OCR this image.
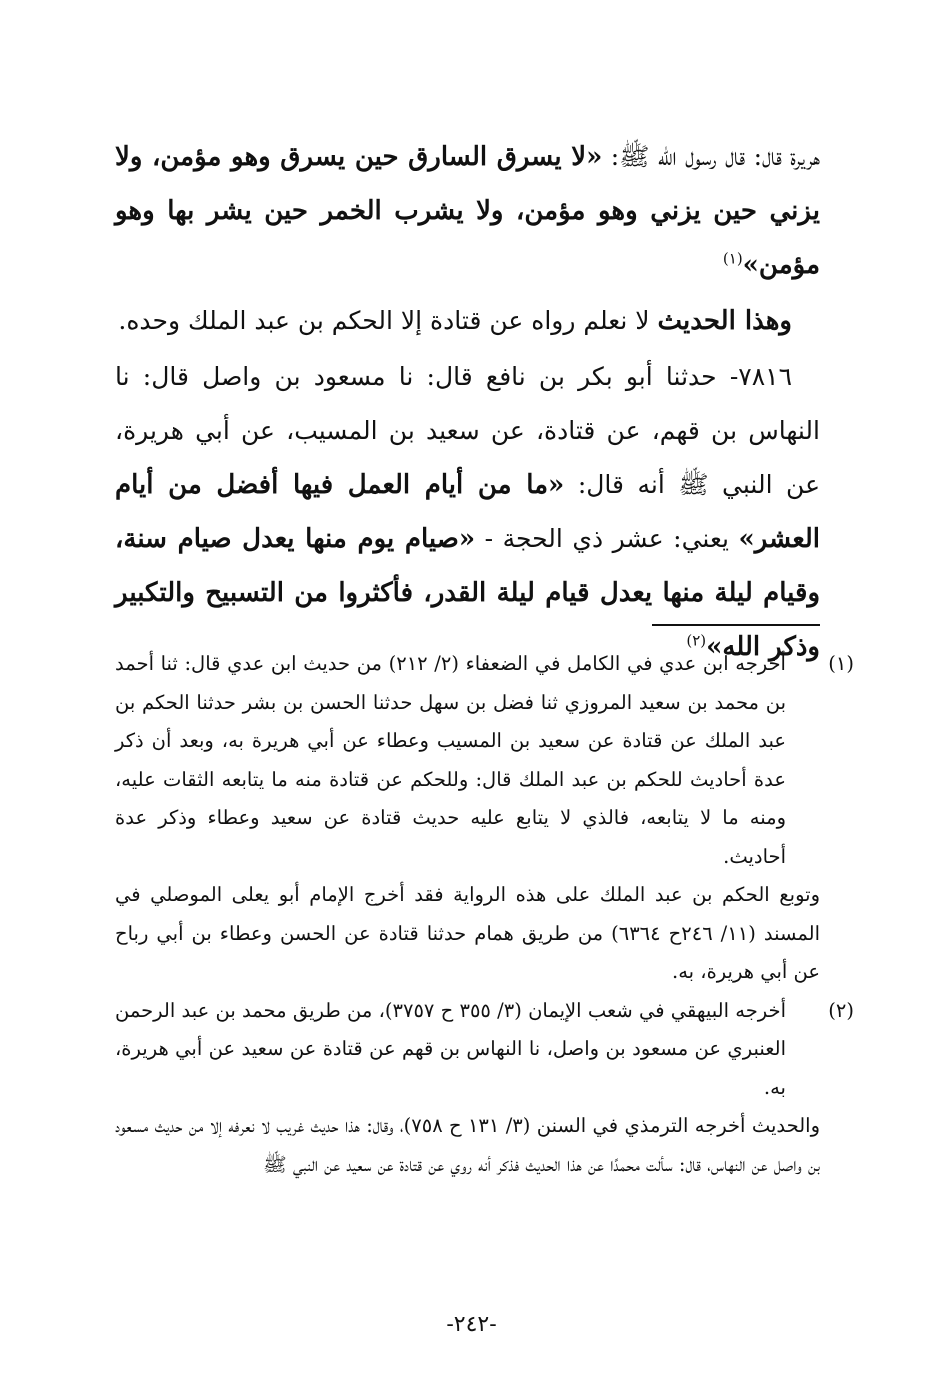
هريرة قال: قال رسول الله ﷺ: «لا يسرق السارق حين يسرق وهو مؤمن، ولا يزني حين يزني وهو مؤمن، ولا يشرب الخمر حين يشر بها وهو مؤمن»$^{(١)}$

وهذا الحديث لا نعلم رواه عن قتادة إلا الحكم بن عبد الملك وحده.

٧٨١٦- حدثنا أبو بكر بن نافع قال: نا مسعود بن واصل قال: نا النهاس بن قهم، عن قتادة، عن سعيد بن المسيب، عن أبي هريرة، عن النبي ﷺ أنه قال: «ما من أيام العمل فيها أفضل من أيام العشر» يعني: عشر ذي الحجة - «صيام يوم منها يعدل صيام سنة، وقيام ليلة منها يعدل قيام ليلة القدر، فأكثروا من التسبيح والتكبير وذكر الله»$^{(٢)}$

(١)أخرجه ابن عدي في الكامل في الضعفاء (٢/ ٢١٢) من حديث ابن عدي قال: ثنا أحمد بن محمد بن سعيد المروزي ثنا فضل بن سهل حدثنا الحسن بن بشر حدثنا الحكم بن عبد الملك عن قتادة عن سعيد بن المسيب وعطاء عن أبي هريرة به، وبعد أن ذكر عدة أحاديث للحكم بن عبد الملك قال: وللحكم عن قتادة منه ما يتابعه الثقات عليه، ومنه ما لا يتابعه، فالذي لا يتابع عليه حديث قتادة عن سعيد وعطاء وذكر عدة أحاديث.

وتوبع الحكم بن عبد الملك على هذه الرواية فقد أخرج الإمام أبو يعلى الموصلي في المسند (١١/ ٢٤٦ح ٦٣٦٤) من طريق همام حدثنا قتادة عن الحسن وعطاء بن أبي رباح عن أبي هريرة، به.

(٢)أخرجه البيهقي في شعب الإيمان (٣/ ٣٥٥ ح ٣٧٥٧)، من طريق محمد بن عبد الرحمن العنبري عن مسعود بن واصل، نا النهاس بن قهم عن قتادة عن سعيد عن أبي هريرة، به.

والحديث أخرجه الترمذي في السنن (٣/ ١٣١ ح ٧٥٨)، وقال: هذا حديث غريب لا نعرفه إلا من حديث مسعود بن واصل عن النهاس، قال: سألت محمدًا عن هذا الحديث فذكر أنه روي عن قتادة عن سعيد عن النبي ﷺ

-٢٤٢-
